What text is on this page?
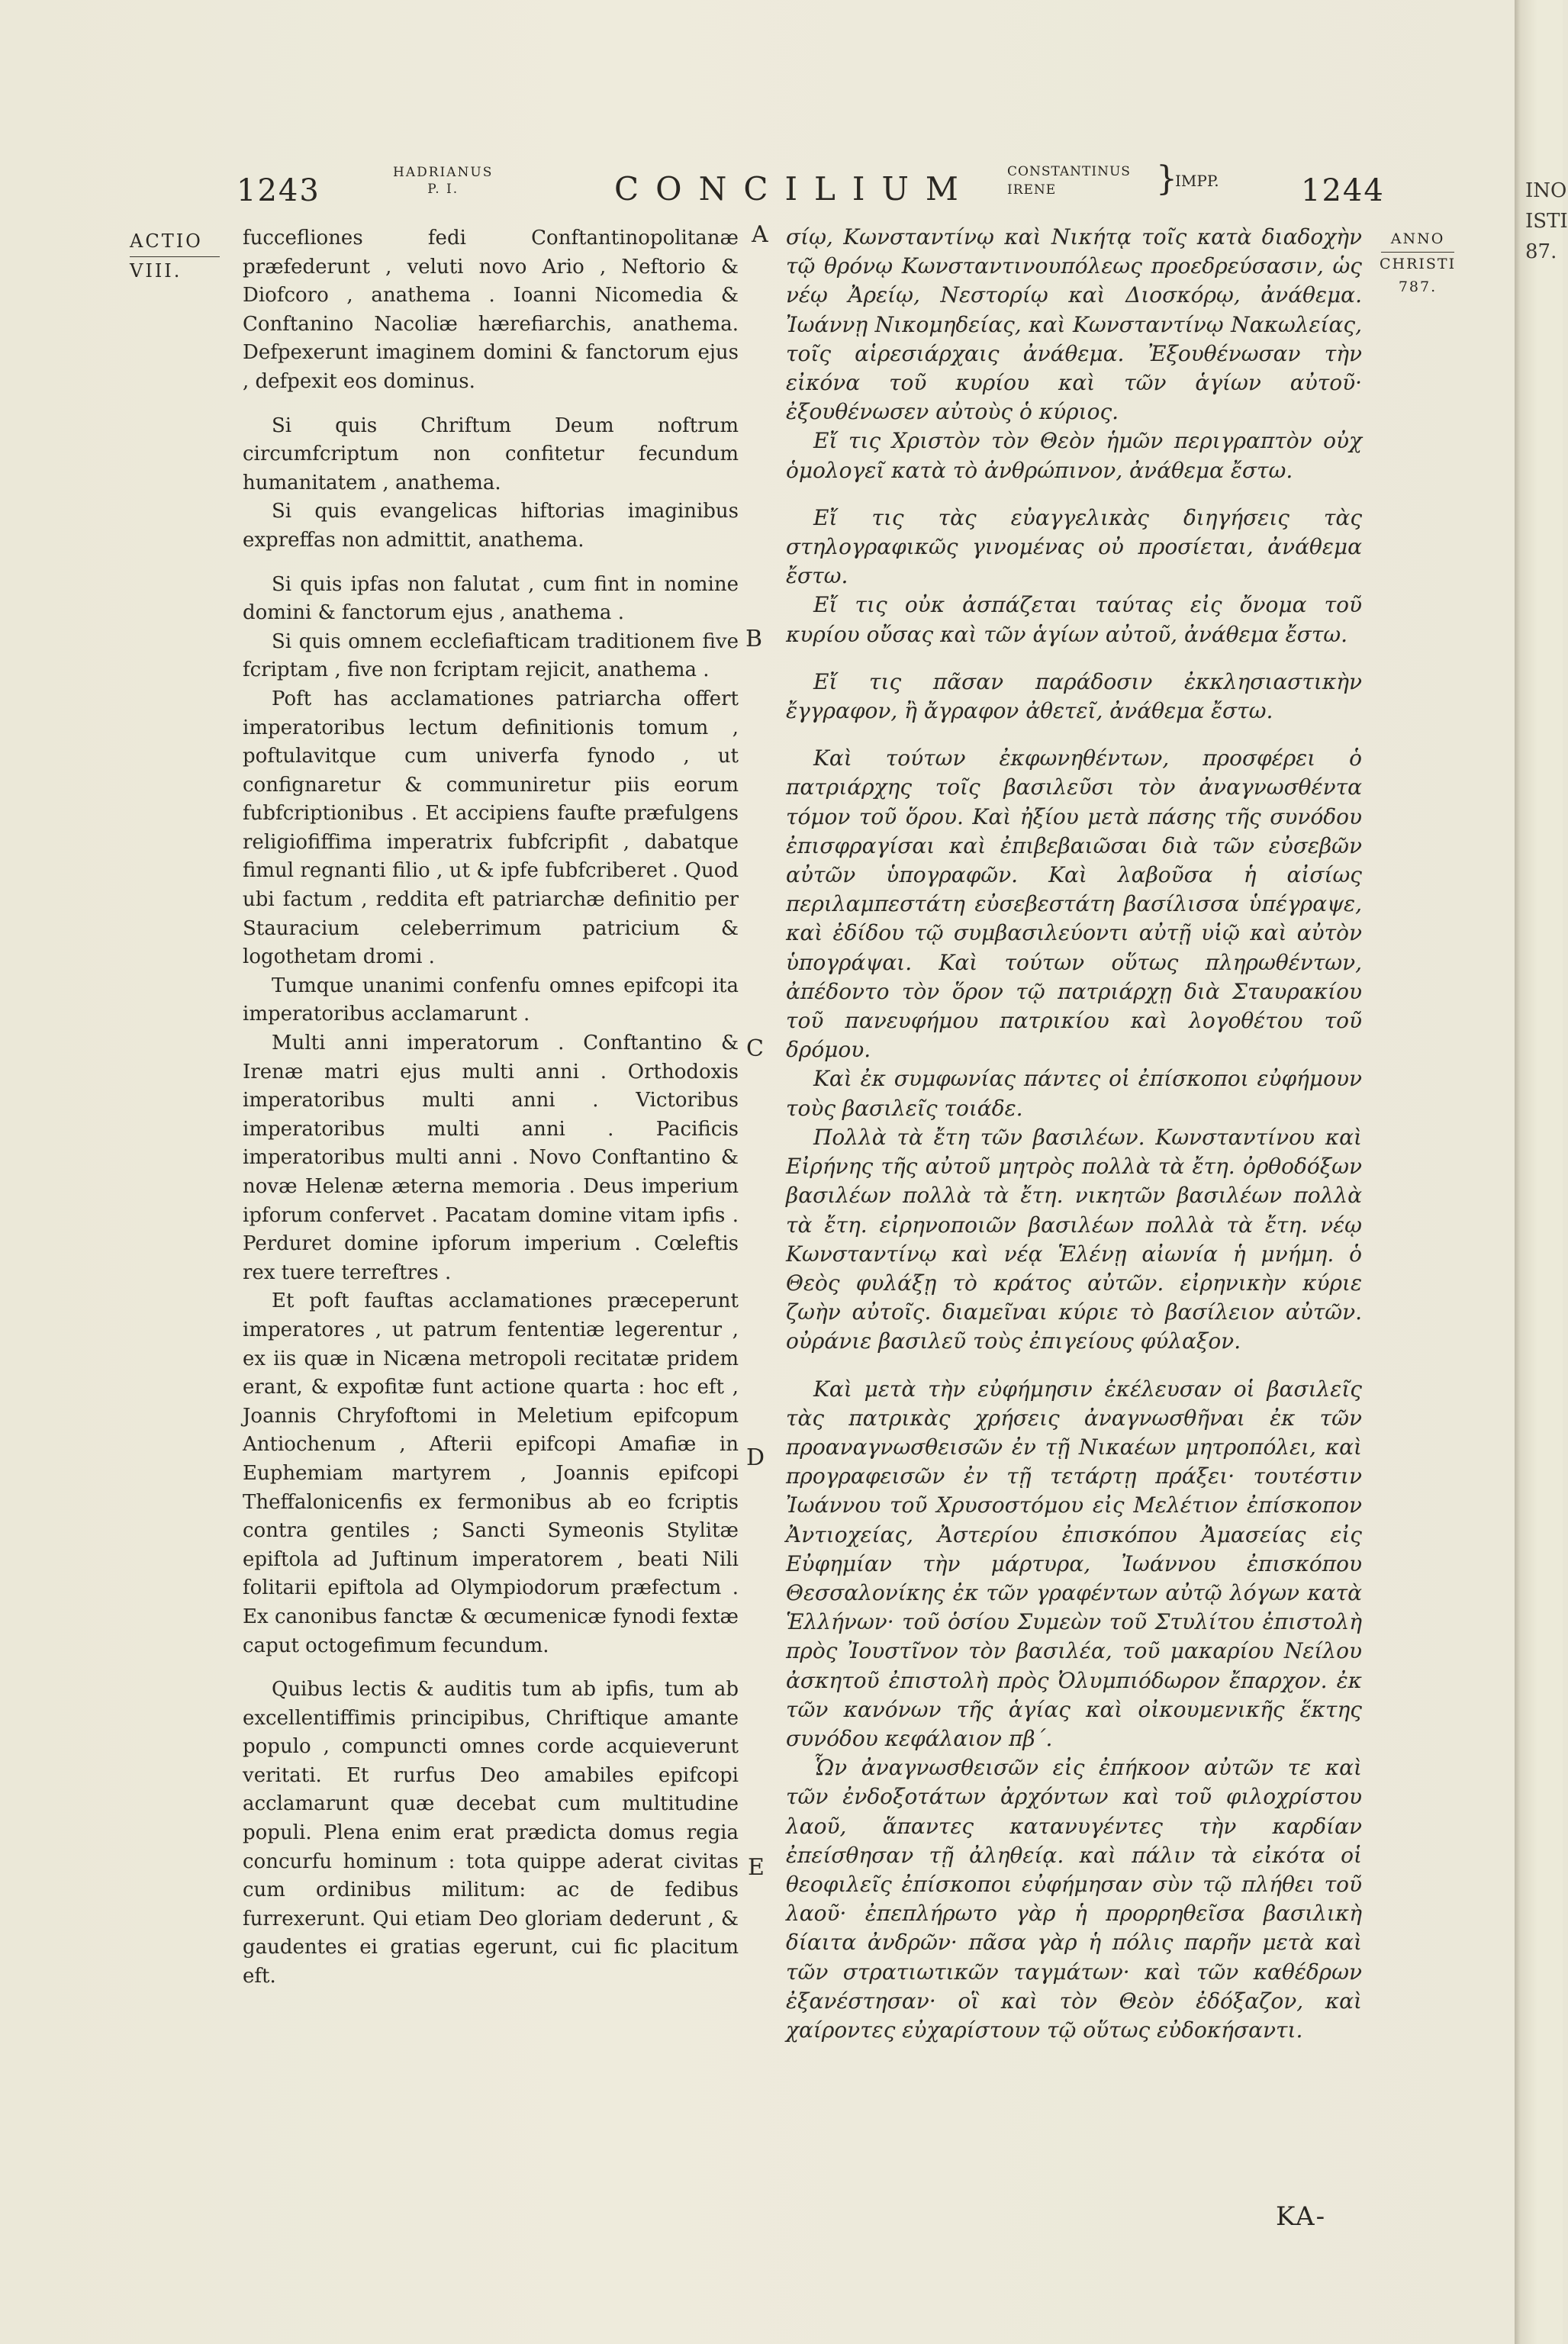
1243
HADRIANUS
P. I.	CONCILIUM CONSTANTINUS
IRENE	}
IMPP.	1244
ACTIO
VIII.
ANNO
CHRISTI
787.

fuccefliones fedi Conftantinopolitanæ præfederunt , veluti novo Ario , Neftorio & Diofcoro , anathema . Ioanni Nicomedia & Conftanino Nacoliæ hærefiarchis, anathema. Defpexerunt imaginem domini & fanctorum ejus , defpexit eos dominus.

Si quis Chriftum Deum noftrum circumfcriptum non confitetur fecundum humanitatem , anathema.

Si quis evangelicas hiftorias imaginibus expreffas non admittit, anathema.

Si quis ipfas non falutat , cum fint in nomine domini & fanctorum ejus , anathema .

Si quis omnem ecclefiafticam traditionem five fcriptam , five non fcriptam rejicit, anathema .

Poft has acclamationes patriarcha offert imperatoribus lectum definitionis tomum , poftulavitque cum univerfa fynodo , ut confignaretur & communiretur piis eorum fubfcriptionibus . Et accipiens faufte præfulgens religiofiffima imperatrix fubfcripfit , dabatque fimul regnanti filio , ut & ipfe fubfcriberet . Quod ubi factum , reddita eft patriarchæ definitio per Stauracium celeberrimum patricium & logothetam dromi .

Tumque unanimi confenfu omnes epifcopi ita imperatoribus acclamarunt .

Multi anni imperatorum . Conftantino & Irenæ matri ejus multi anni . Orthodoxis imperatoribus multi anni . Victoribus imperatoribus multi anni . Pacificis imperatoribus multi anni . Novo Conftantino & novæ Helenæ æterna memoria . Deus imperium ipforum confervet . Pacatam domine vitam ipfis . Perduret domine ipforum imperium . Cœleftis rex tuere terreftres .

Et poft fauftas acclamationes præceperunt imperatores , ut patrum fententiæ legerentur , ex iis quæ in Nicæna metropoli recitatæ pridem erant, & expofitæ funt actione quarta : hoc eft , Joannis Chryfoftomi in Meletium epifcopum Antiochenum , Afterii epifcopi Amafiæ in Euphemiam martyrem , Joannis epifcopi Theffalonicenfis ex fermonibus ab eo fcriptis contra gentiles ; Sancti Symeonis Stylitæ epiftola ad Juftinum imperatorem , beati Nili folitarii epiftola ad Olympiodorum præfectum . Ex canonibus fanctæ & œcumenicæ fynodi fextæ caput octogefimum fecundum.

Quibus lectis & auditis tum ab ipfis, tum ab excellentiffimis principibus, Chriftique amante populo , compuncti omnes corde acquieverunt veritati. Et rurfus Deo amabiles epifcopi acclamarunt quæ decebat cum multitudine populi. Plena enim erat prædicta domus regia concurfu hominum : tota quippe aderat civitas cum ordinibus militum: ac de fedibus furrexerunt. Qui etiam Deo gloriam dederunt , & gaudentes ei gratias egerunt, cui fic placitum eft.

A
B
C
D
E

σίῳ, Κωνσταντίνῳ καὶ Νικήτᾳ τοῖς κατὰ διαδοχὴν τῷ θρόνῳ Κωνσταντινουπόλεως προεδρεύσασιν, ὡς νέῳ Ἀρείῳ, Νεστορίῳ καὶ Διοσκόρῳ, ἀνάθεμα. Ἰωάννῃ Νικομηδείας, καὶ Κωνσταντίνῳ Νακωλείας, τοῖς αἱρεσιάρχαις ἀνάθεμα. Ἐξουθένωσαν τὴν εἰκόνα τοῦ κυρίου καὶ τῶν ἁγίων αὐτοῦ· ἐξουθένωσεν αὐτοὺς ὁ κύριος.

Εἴ τις Χριστὸν τὸν Θεὸν ἡμῶν περιγραπτὸν οὐχ ὁμολογεῖ κατὰ τὸ ἀνθρώπινον, ἀνάθεμα ἔστω.

Εἴ τις τὰς εὐαγγελικὰς διηγήσεις τὰς στηλογραφικῶς γινομένας οὐ προσίεται, ἀνάθεμα ἔστω.

Εἴ τις οὐκ ἀσπάζεται ταύτας εἰς ὄνομα τοῦ κυρίου οὔσας καὶ τῶν ἁγίων αὐτοῦ, ἀνάθεμα ἔστω.

Εἴ τις πᾶσαν παράδοσιν ἐκκλησιαστικὴν ἔγγραφον, ἢ ἄγραφον ἀθετεῖ, ἀνάθεμα ἔστω.

Καὶ τούτων ἐκφωνηθέντων, προσφέρει ὁ πατριάρχης τοῖς βασιλεῦσι τὸν ἀναγνωσθέντα τόμον τοῦ ὅρου. Καὶ ἠξίου μετὰ πάσης τῆς συνόδου ἐπισφραγίσαι καὶ ἐπιβεβαιῶσαι διὰ τῶν εὐσεβῶν αὐτῶν ὑπογραφῶν. Καὶ λαβοῦσα ἡ αἰσίως περιλαμπεστάτη εὐσεβεστάτη βασίλισσα ὑπέγραψε, καὶ ἐδίδου τῷ συμβασιλεύοντι αὐτῇ υἱῷ καὶ αὐτὸν ὑπογράψαι. Καὶ τούτων οὕτως πληρωθέντων, ἀπέδοντο τὸν ὅρον τῷ πατριάρχῃ διὰ Σταυρακίου τοῦ πανευφήμου πατρικίου καὶ λογοθέτου τοῦ δρόμου.

Καὶ ἐκ συμφωνίας πάντες οἱ ἐπίσκοποι εὐφήμουν τοὺς βασιλεῖς τοιάδε.

Πολλὰ τὰ ἔτη τῶν βασιλέων. Κωνσταντίνου καὶ Εἰρήνης τῆς αὐτοῦ μητρὸς πολλὰ τὰ ἔτη. ὀρθοδόξων βασιλέων πολλὰ τὰ ἔτη. νικητῶν βασιλέων πολλὰ τὰ ἔτη. εἰρηνοποιῶν βασιλέων πολλὰ τὰ ἔτη. νέῳ Κωνσταντίνῳ καὶ νέᾳ Ἑλένῃ αἰωνία ἡ μνήμη. ὁ Θεὸς φυλάξῃ τὸ κράτος αὐτῶν. εἰρηνικὴν κύριε ζωὴν αὐτοῖς. διαμεῖναι κύριε τὸ βασίλειον αὐτῶν. οὐράνιε βασιλεῦ τοὺς ἐπιγείους φύλαξον.

Καὶ μετὰ τὴν εὐφήμησιν ἐκέλευσαν οἱ βασιλεῖς τὰς πατρικὰς χρήσεις ἀναγνωσθῆναι ἐκ τῶν προαναγνωσθεισῶν ἐν τῇ Νικαέων μητροπόλει, καὶ προγραφεισῶν ἐν τῇ τετάρτῃ πράξει· τουτέστιν Ἰωάννου τοῦ Χρυσοστόμου εἰς Μελέτιον ἐπίσκοπον Ἀντιοχείας, Ἀστερίου ἐπισκόπου Ἀμασείας εἰς Εὐφημίαν τὴν μάρτυρα, Ἰωάννου ἐπισκόπου Θεσσαλονίκης ἐκ τῶν γραφέντων αὐτῷ λόγων κατὰ Ἑλλήνων· τοῦ ὁσίου Συμεὼν τοῦ Στυλίτου ἐπιστολὴ πρὸς Ἰουστῖνον τὸν βασιλέα, τοῦ μακαρίου Νείλου ἀσκητοῦ ἐπιστολὴ πρὸς Ὀλυμπιόδωρον ἔπαρχον. ἐκ τῶν κανόνων τῆς ἁγίας καὶ οἰκουμενικῆς ἕκτης συνόδου κεφάλαιον πβ΄.

Ὧν ἀναγνωσθεισῶν εἰς ἐπήκοον αὐτῶν τε καὶ τῶν ἐνδοξοτάτων ἀρχόντων καὶ τοῦ φιλοχρίστου λαοῦ, ἅπαντες κατανυγέντες τὴν καρδίαν ἐπείσθησαν τῇ ἀληθείᾳ. καὶ πάλιν τὰ εἰκότα οἱ θεοφιλεῖς ἐπίσκοποι εὐφήμησαν σὺν τῷ πλήθει τοῦ λαοῦ· ἐπεπλήρωτο γὰρ ἡ προρρηθεῖσα βασιλικὴ δίαιτα ἀνδρῶν· πᾶσα γὰρ ἡ πόλις παρῆν μετὰ καὶ τῶν στρατιωτικῶν ταγμάτων· καὶ τῶν καθέδρων ἐξανέστησαν· οἳ καὶ τὸν Θεὸν ἐδόξαζον, καὶ χαίροντες εὐχαρίστουν τῷ οὕτως εὐδοκήσαντι.

KA-
INO
ISTI
87.
